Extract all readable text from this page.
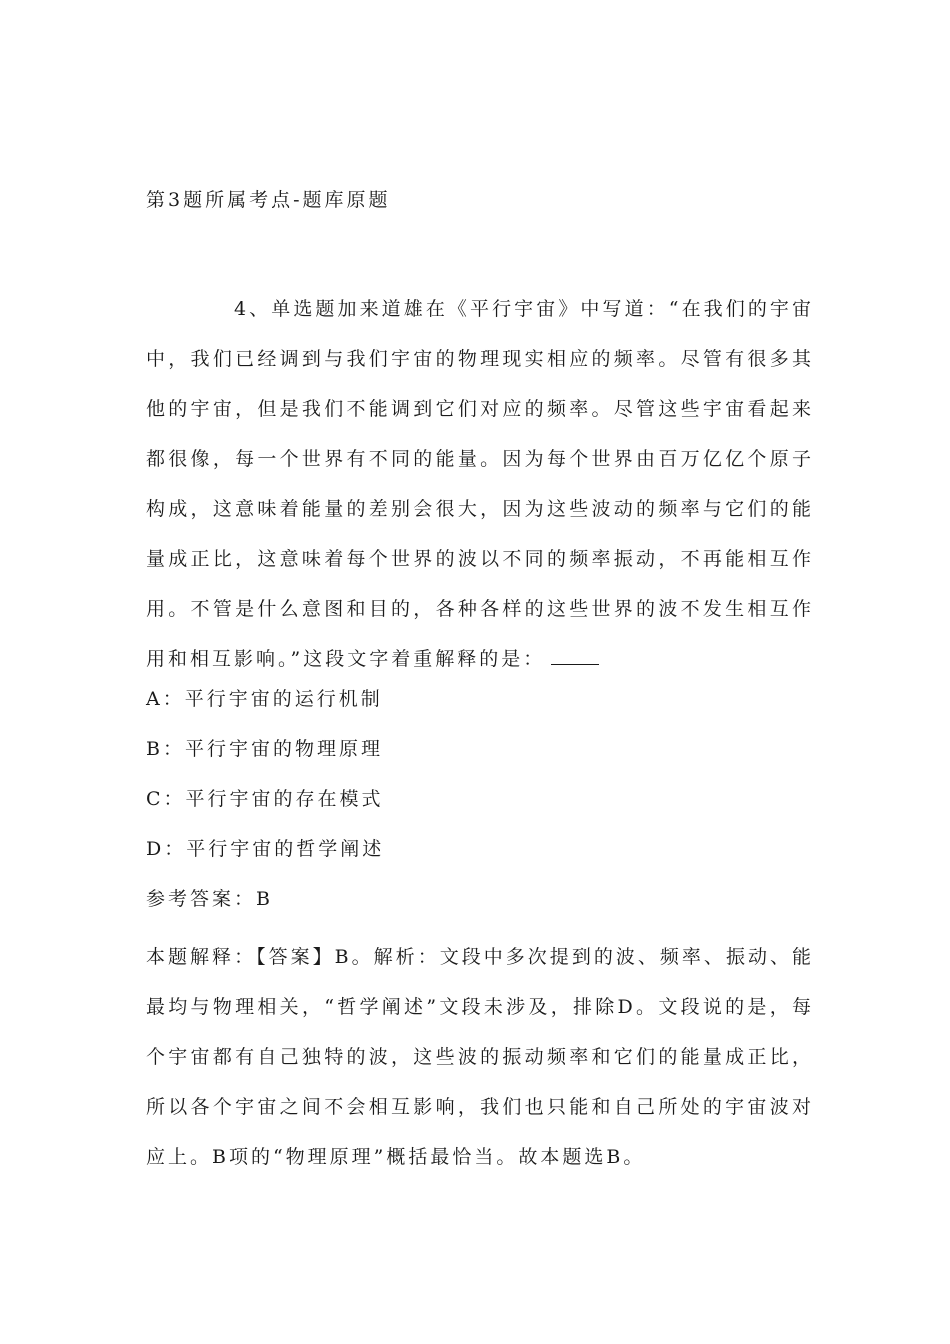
第3题所属考点-题库原题
4、单选题加来道雄在《平行宇宙》中写道：“在我们的宇宙中，我们已经调到与我们宇宙的物理现实相应的频率。尽管有很多其他的宇宙，但是我们不能调到它们对应的频率。尽管这些宇宙看起来都很像，每一个世界有不同的能量。因为每个世界由百万亿亿个原子构成，这意味着能量的差别会很大，因为这些波动的频率与它们的能量成正比，这意味着每个世界的波以不同的频率振动，不再能相互作用。不管是什么意图和目的，各种各样的这些世界的波不发生相互作用和相互影响。”这段文字着重解释的是：
A：平行宇宙的运行机制
B：平行宇宙的物理原理
C：平行宇宙的存在模式
D：平行宇宙的哲学阐述
参考答案：B
本题解释：【答案】B。解析：文段中多次提到的波、频率、振动、能最均与物理相关，“哲学阐述”文段未涉及，排除D。文段说的是，每个宇宙都有自己独特的波，这些波的振动频率和它们的能量成正比，所以各个宇宙之间不会相互影响，我们也只能和自己所处的宇宙波对应上。B项的“物理原理”概括最恰当。故本题选B。
